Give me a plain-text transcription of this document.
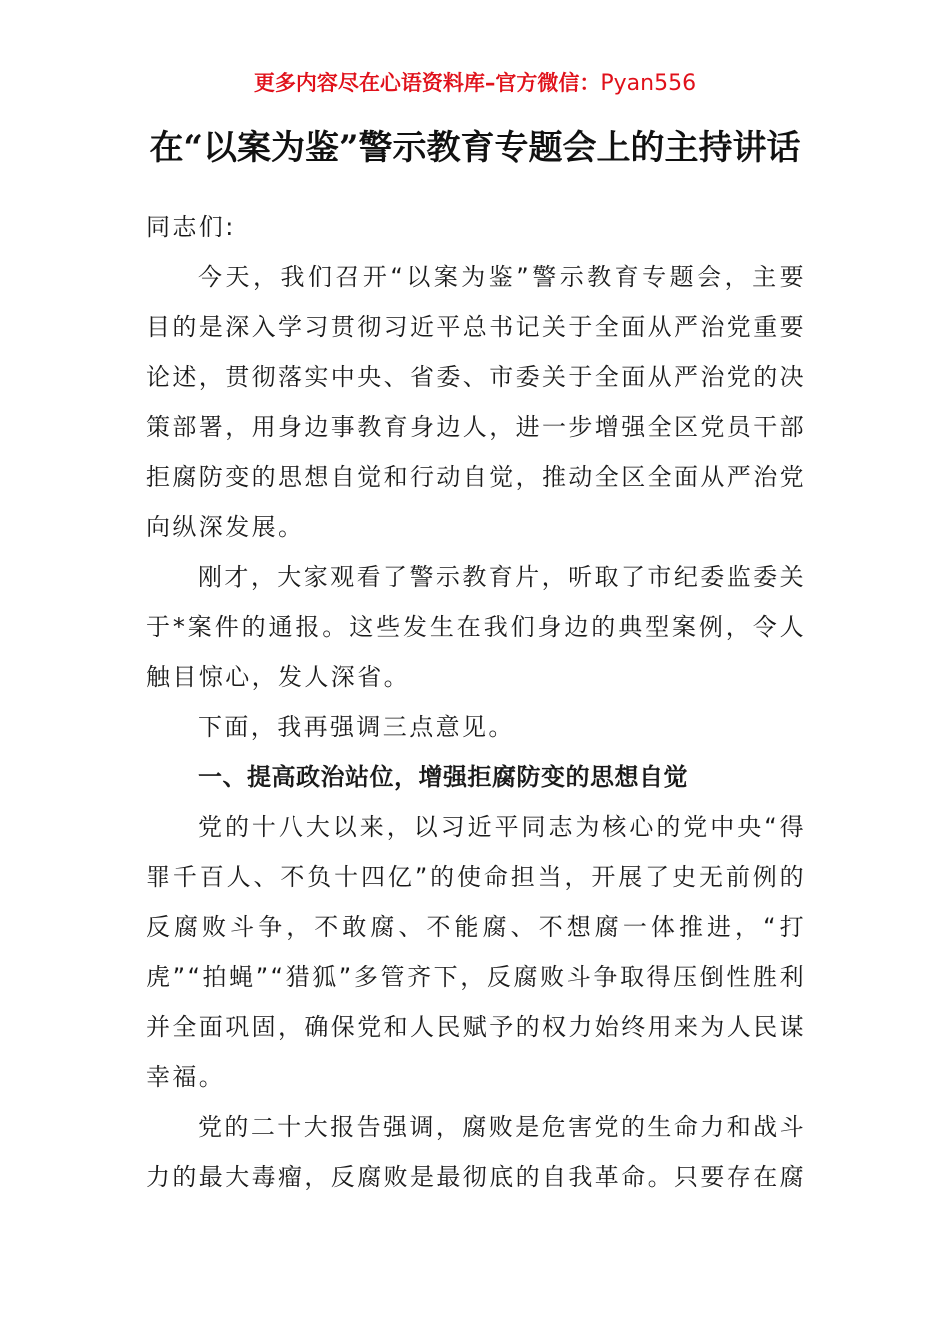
更多内容尽在心语资料库–官方微信：Pyan556
在“以案为鉴”警示教育专题会上的主持讲话

同志们:

今天，我们召开“以案为鉴”警示教育专题会，主要目的是深入学习贯彻习近平总书记关于全面从严治党重要论述，贯彻落实中央、省委、市委关于全面从严治党的决策部署，用身边事教育身边人，进一步增强全区党员干部拒腐防变的思想自觉和行动自觉，推动全区全面从严治党向纵深发展。

刚才，大家观看了警示教育片，听取了市纪委监委关于*案件的通报。这些发生在我们身边的典型案例，令人触目惊心，发人深省。

下面，我再强调三点意见。

一、提高政治站位，增强拒腐防变的思想自觉

党的十八大以来，以习近平同志为核心的党中央“得罪千百人、不负十四亿”的使命担当，开展了史无前例的反腐败斗争，不敢腐、不能腐、不想腐一体推进，“打虎”“拍蝇”“猎狐”多管齐下，反腐败斗争取得压倒性胜利并全面巩固，确保党和人民赋予的权力始终用来为人民谋幸福。

党的二十大报告强调，腐败是危害党的生命力和战斗力的最大毒瘤，反腐败是最彻底的自我革命。只要存在腐
